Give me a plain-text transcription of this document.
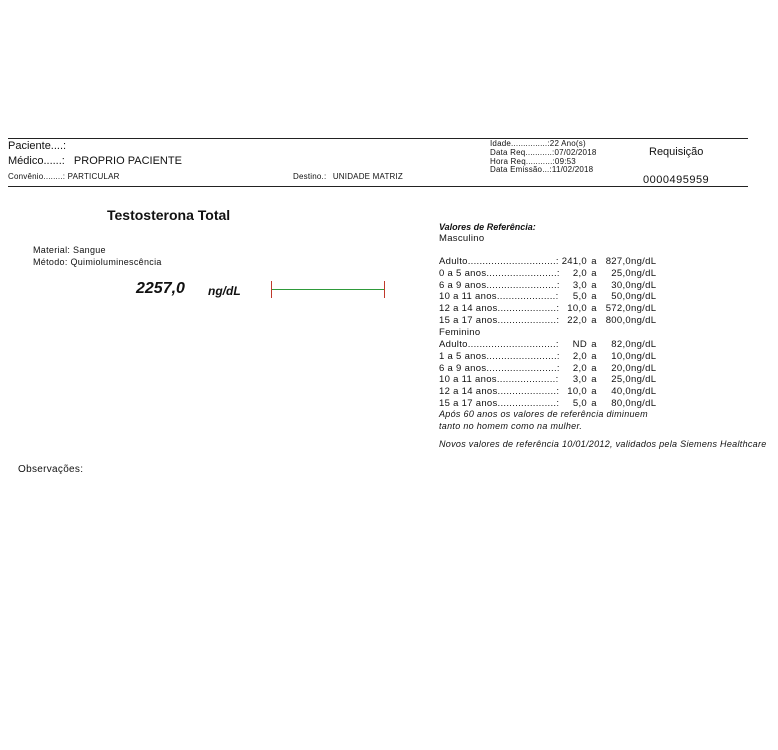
Paciente....:
Médico......: PROPRIO PACIENTE
Convênio........: PARTICULAR	Destino.: UNIDADE MATRIZ
Idade...............:22 Ano(s)
Data Req...........:07/02/2018
Hora Req...........:09:53
Data Emissão...:11/02/2018
Requisição
0000495959
Testosterona Total
Material: Sangue
Método: Quimioluminescência
2257,0 ng/dL
Valores de Referência:
Masculino
Adulto..............................: 241,0 a 827,0ng/dL
0 a 5 anos........................: 2,0 a 25,0ng/dL
6 a 9 anos........................: 3,0 a 30,0ng/dL
10 a 11 anos....................: 5,0 a 50,0ng/dL
12 a 14 anos....................: 10,0 a 572,0ng/dL
15 a 17 anos....................: 22,0 a 800,0ng/dL
Feminino
Adulto..............................: ND a 82,0ng/dL
1 a 5 anos........................: 2,0 a 10,0ng/dL
6 a 9 anos........................: 2,0 a 20,0ng/dL
10 a 11 anos....................: 3,0 a 25,0ng/dL
12 a 14 anos....................: 10,0 a 40,0ng/dL
15 a 17 anos....................: 5,0 a 80,0ng/dL
Após 60 anos os valores de referência diminuem
tanto no homem como na mulher.
Novos valores de referência 10/01/2012, validados pela Siemens Healthcare
Observações:
